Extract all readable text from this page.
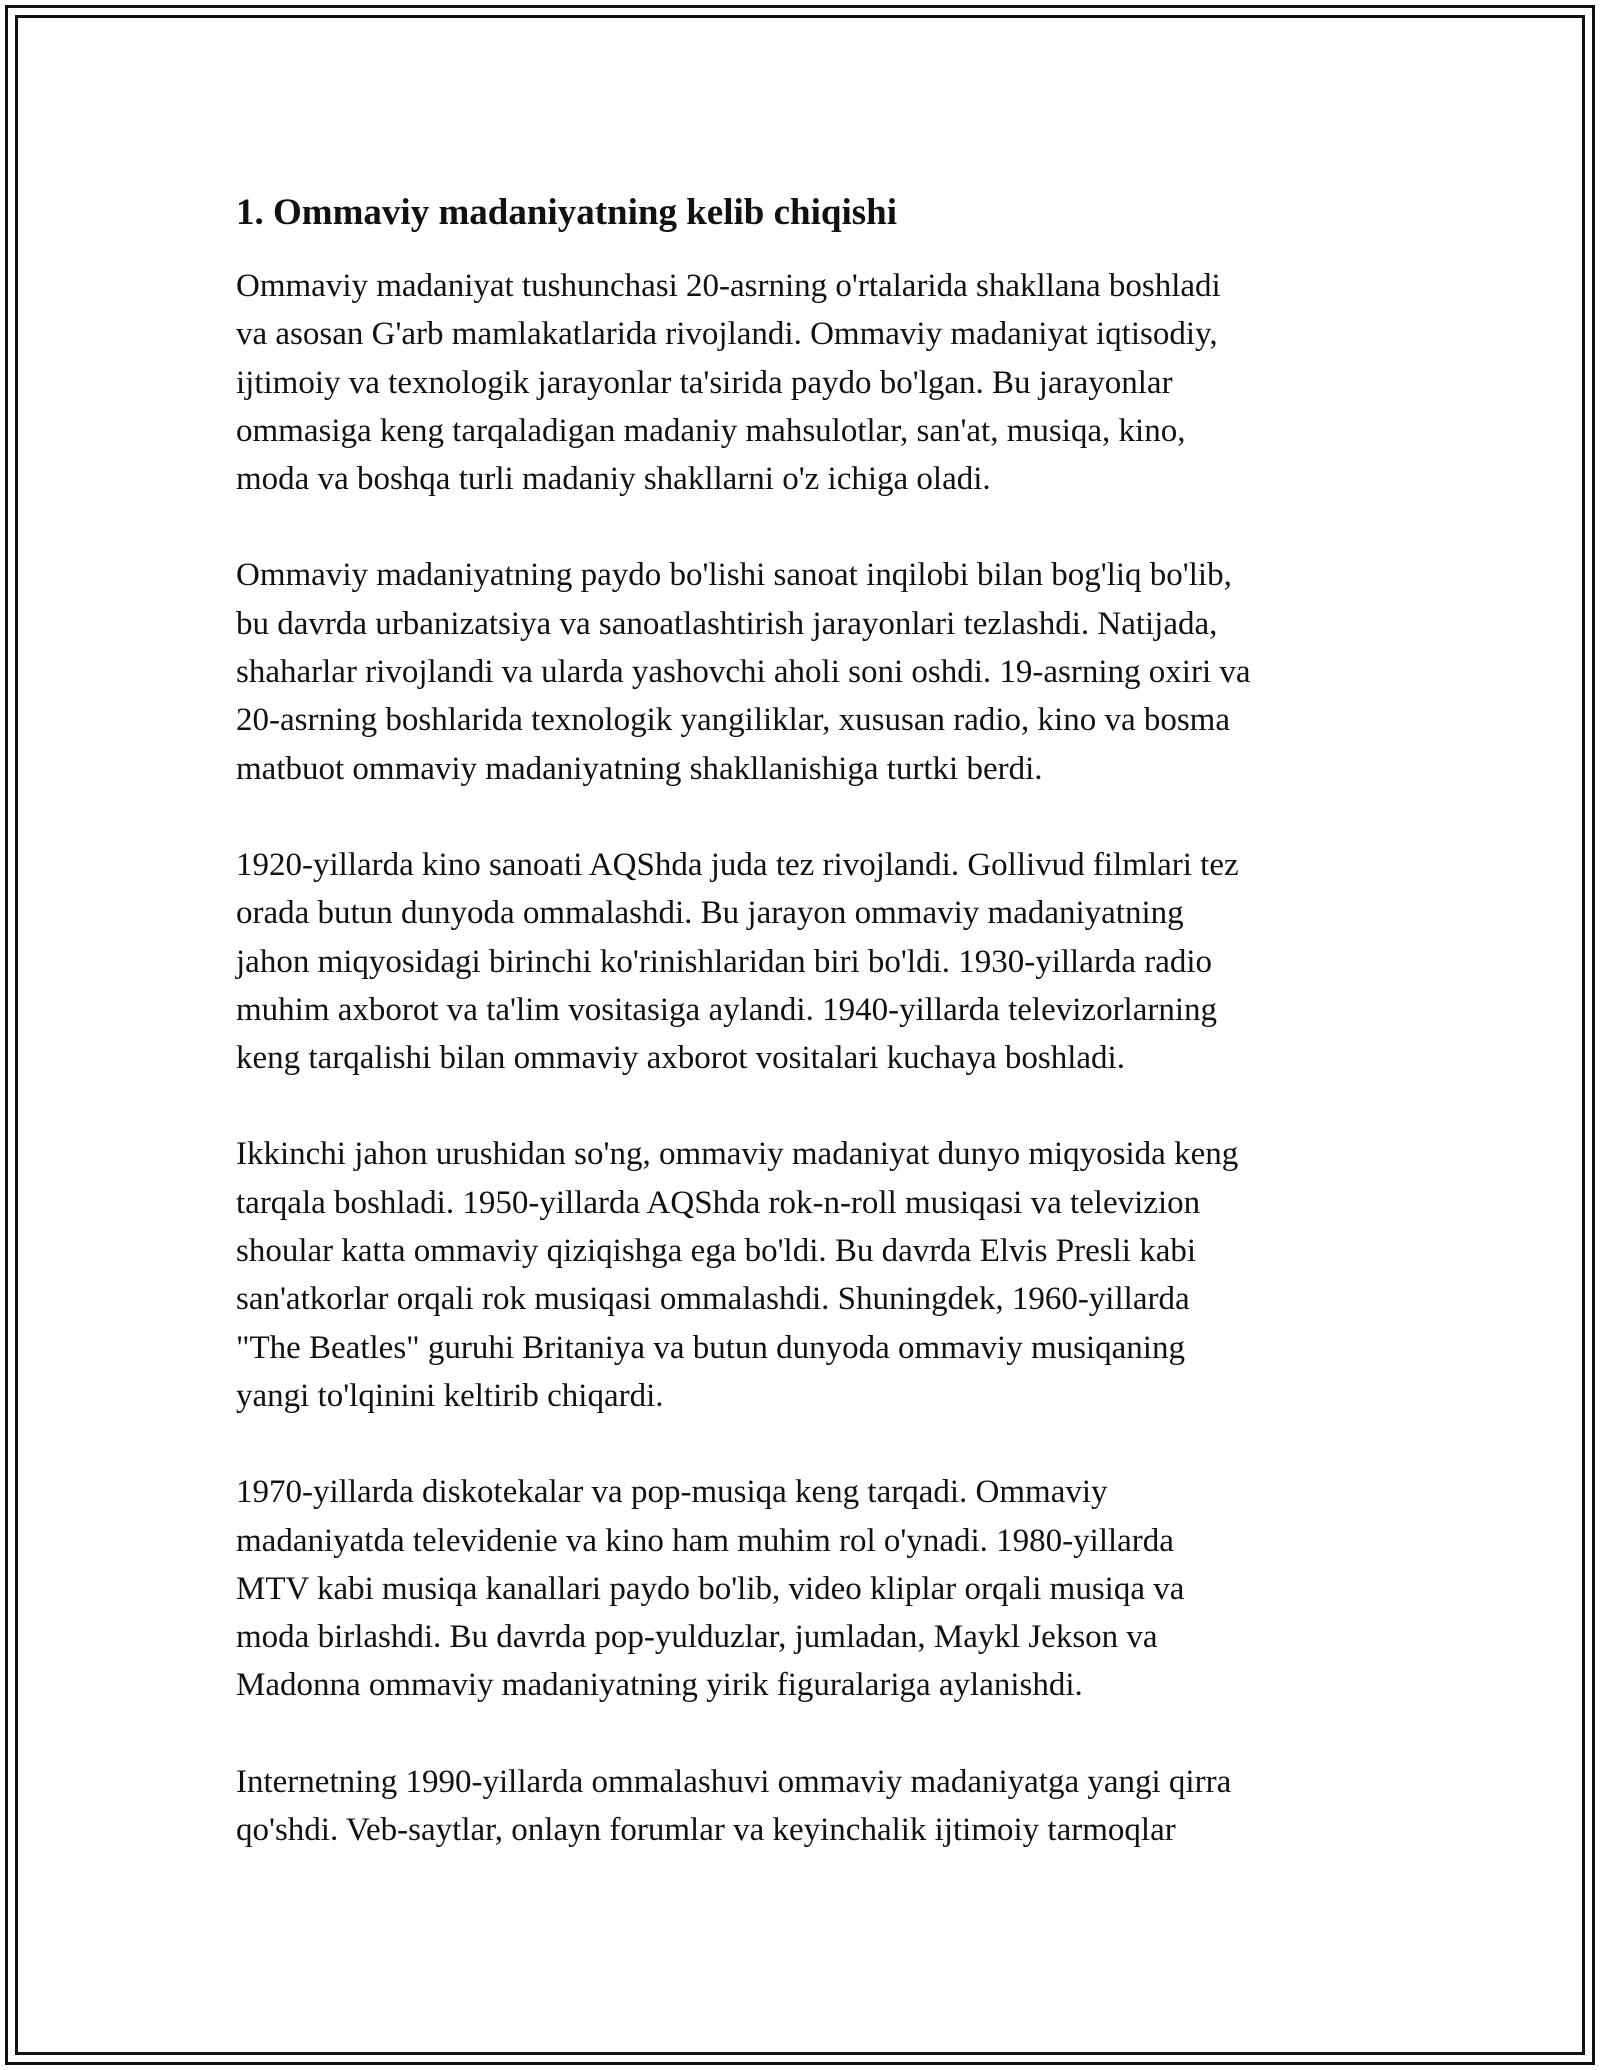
1. Ommaviy madaniyatning kelib chiqishi

Ommaviy madaniyat tushunchasi 20-asrning o'rtalarida shakllana boshladi
va asosan G'arb mamlakatlarida rivojlandi. Ommaviy madaniyat iqtisodiy,
ijtimoiy va texnologik jarayonlar ta'sirida paydo bo'lgan. Bu jarayonlar
ommasiga keng tarqaladigan madaniy mahsulotlar, san'at, musiqa, kino,
moda va boshqa turli madaniy shakllarni o'z ichiga oladi.

Ommaviy madaniyatning paydo bo'lishi sanoat inqilobi bilan bog'liq bo'lib,
bu davrda urbanizatsiya va sanoatlashtirish jarayonlari tezlashdi. Natijada,
shaharlar rivojlandi va ularda yashovchi aholi soni oshdi. 19-asrning oxiri va
20-asrning boshlarida texnologik yangiliklar, xususan radio, kino va bosma
matbuot ommaviy madaniyatning shakllanishiga turtki berdi.

1920-yillarda kino sanoati AQShda juda tez rivojlandi. Gollivud filmlari tez
orada butun dunyoda ommalashdi. Bu jarayon ommaviy madaniyatning
jahon miqyosidagi birinchi ko'rinishlaridan biri bo'ldi. 1930-yillarda radio
muhim axborot va ta'lim vositasiga aylandi. 1940-yillarda televizorlarning
keng tarqalishi bilan ommaviy axborot vositalari kuchaya boshladi.

Ikkinchi jahon urushidan so'ng, ommaviy madaniyat dunyo miqyosida keng
tarqala boshladi. 1950-yillarda AQShda rok-n-roll musiqasi va televizion
shoular katta ommaviy qiziqishga ega bo'ldi. Bu davrda Elvis Presli kabi
san'atkorlar orqali rok musiqasi ommalashdi. Shuningdek, 1960-yillarda
"The Beatles" guruhi Britaniya va butun dunyoda ommaviy musiqaning
yangi to'lqinini keltirib chiqardi.

1970-yillarda diskotekalar va pop-musiqa keng tarqadi. Ommaviy
madaniyatda televidenie va kino ham muhim rol o'ynadi. 1980-yillarda
MTV kabi musiqa kanallari paydo bo'lib, video kliplar orqali musiqa va
moda birlashdi. Bu davrda pop-yulduzlar, jumladan, Maykl Jekson va
Madonna ommaviy madaniyatning yirik figuralariga aylanishdi.

Internetning 1990-yillarda ommalashuvi ommaviy madaniyatga yangi qirra
qo'shdi. Veb-saytlar, onlayn forumlar va keyinchalik ijtimoiy tarmoqlar
